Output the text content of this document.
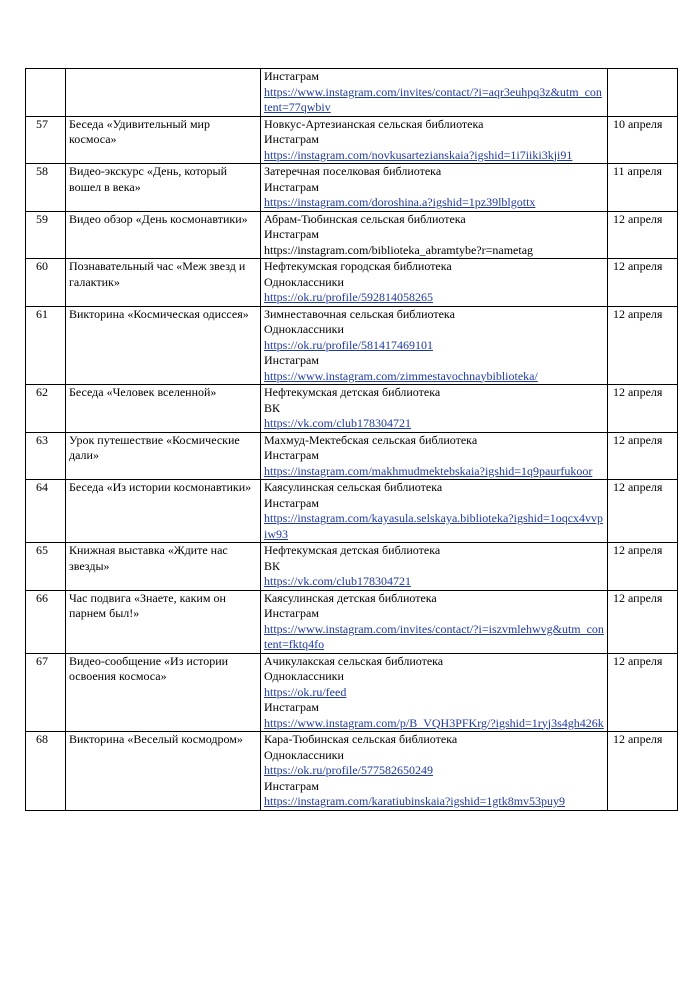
		Инстаграм
https://www.instagram.com/invites/contact/?i=aqr3euhpq3z&utm_content=77qwbiv	

57	Беседа «Удивительный мир космоса»	Новкус-Артезианская сельская библиотека
Инстаграм
https://instagram.com/novkusartezianskaia?igshid=1i7iiki3kji91	10 апреля
58	Видео-экскурс «День, который вошел в века»	Затеречная поселковая библиотека
Инстаграм
https://instagram.com/doroshina.a?igshid=1pz39lblgottx	11 апреля
59	Видео обзор «День космонавтики»	Абрам-Тюбинская сельская библиотека
Инстаграм
https://instagram.com/biblioteka_abramtybe?r=nametag	12 апреля
60	Познавательный час «Меж звезд и галактик»	Нефтекумская городская библиотека
Одноклассники
https://ok.ru/profile/592814058265	12 апреля
61	Викторина «Космическая одиссея»	Зимнеставочная сельская библиотека
Одноклассники
https://ok.ru/profile/581417469101
Инстаграм
https://www.instagram.com/zimmestavochnaybiblioteka/	12 апреля
62	Беседа «Человек вселенной»	Нефтекумская детская библиотека
ВК
https://vk.com/club178304721	12 апреля
63	Урок путешествие «Космические дали»	Махмуд-Мектебская сельская библиотека
Инстаграм
https://instagram.com/makhmudmektebskaia?igshid=1q9paurfukoor	12 апреля
64	Беседа «Из истории космонавтики»	Каясулинская сельская библиотека
Инстаграм
https://instagram.com/kayasula.selskaya.biblioteka?igshid=1oqcx4vvpiw93	12 апреля
65	Книжная выставка «Ждите нас звезды»	Нефтекумская детская библиотека
ВК
https://vk.com/club178304721	12 апреля
66	Час подвига «Знаете, каким он парнем был!»	Каясулинская детская библиотека
Инстаграм
https://www.instagram.com/invites/contact/?i=iszvmlehwvg&utm_content=fktq4fo	12 апреля
67	Видео-сообщение «Из истории освоения космоса»	Ачикулакская сельская библиотека
Одноклассники
https://ok.ru/feed
Инстаграм
https://www.instagram.com/p/B_VQH3PFKrg/?igshid=1ryj3s4gh426k	12 апреля
68	Викторина «Веселый космодром»	Кара-Тюбинская сельская библиотека
Одноклассники
https://ok.ru/profile/577582650249
Инстаграм
https://instagram.com/karatiubinskaia?igshid=1gtk8mv53puy9	12 апреля
